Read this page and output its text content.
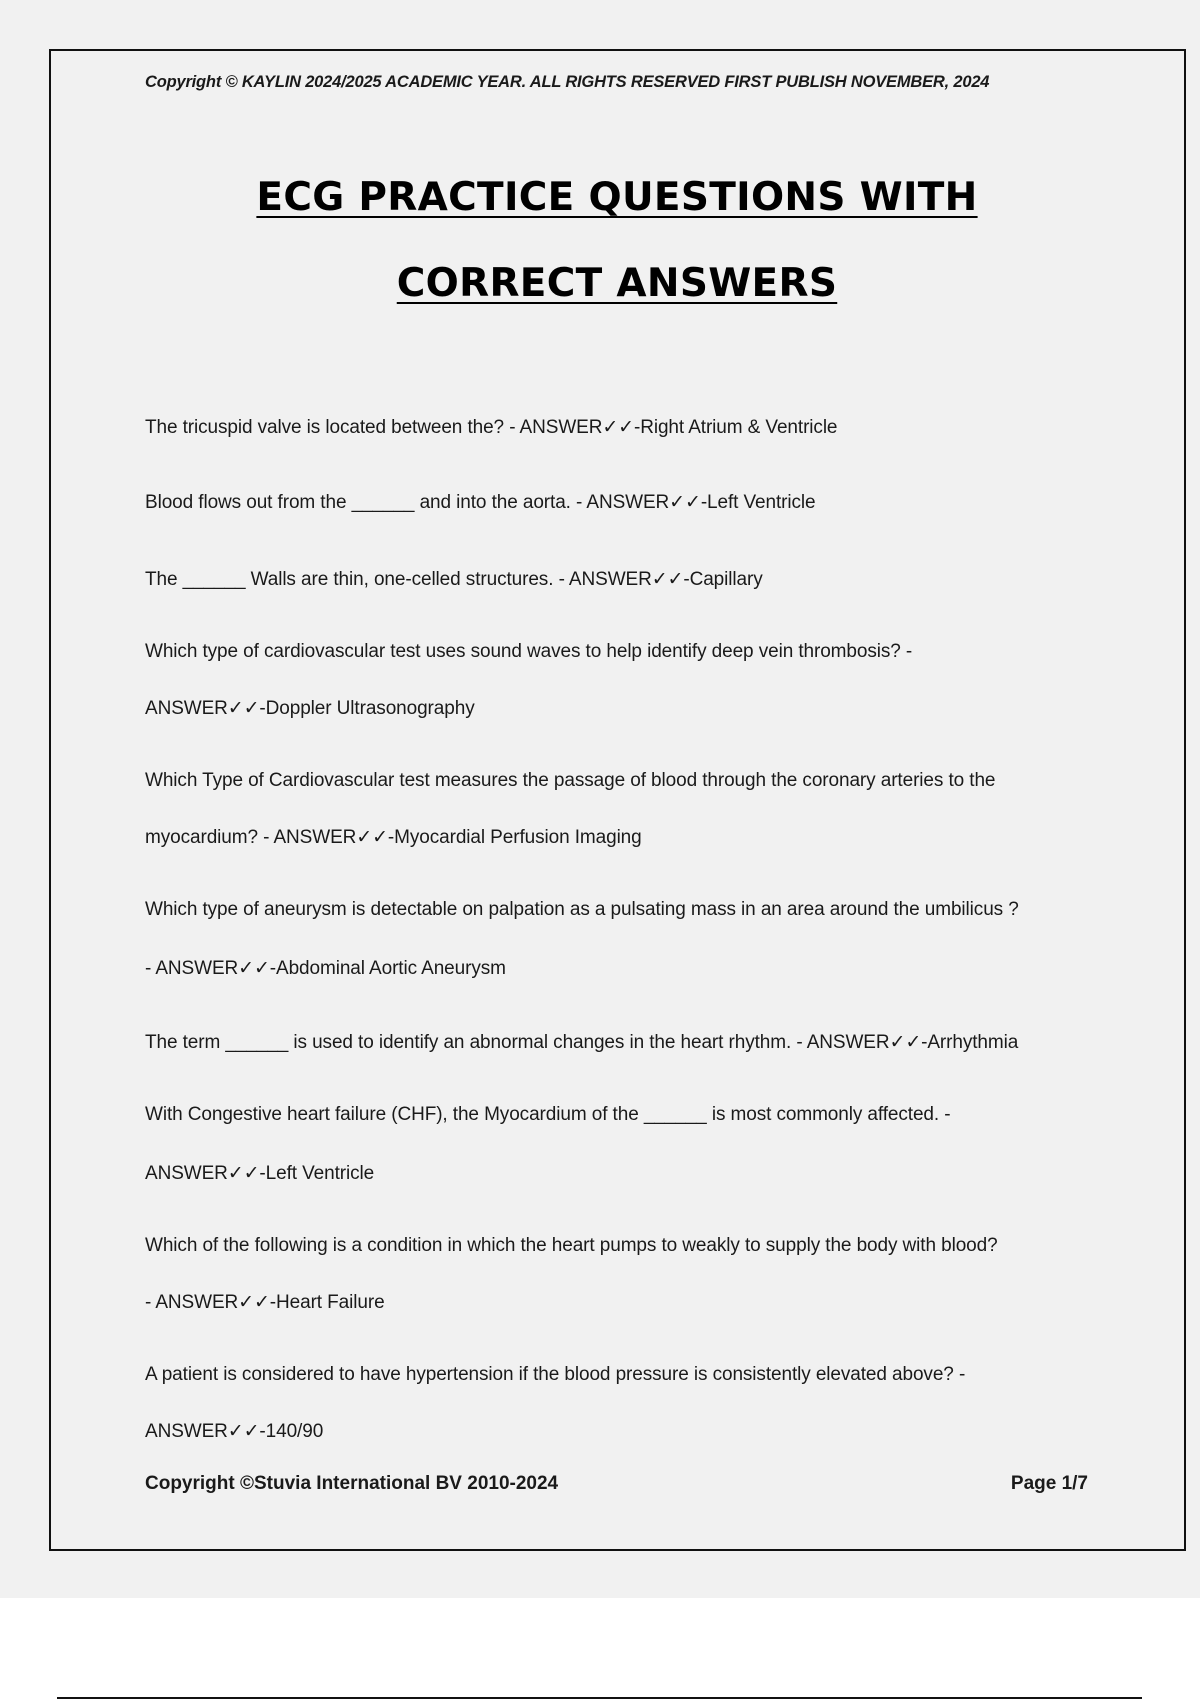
Copyright © KAYLIN 2024/2025 ACADEMIC YEAR. ALL RIGHTS RESERVED FIRST PUBLISH NOVEMBER, 2024
ECG PRACTICE QUESTIONS WITH
CORRECT ANSWERS
The tricuspid valve is located between the? - ANSWER✓✓-Right Atrium & Ventricle
Blood flows out from the ______ and into the aorta. - ANSWER✓✓-Left Ventricle
The ______ Walls are thin, one-celled structures. - ANSWER✓✓-Capillary
Which type of cardiovascular test uses sound waves to help identify deep vein thrombosis? -
ANSWER✓✓-Doppler Ultrasonography
Which Type of Cardiovascular test measures the passage of blood through the coronary arteries to the
myocardium? - ANSWER✓✓-Myocardial Perfusion Imaging
Which type of aneurysm is detectable on palpation as a pulsating mass in an area around the umbilicus ?
- ANSWER✓✓-Abdominal Aortic Aneurysm
The term ______ is used to identify an abnormal changes in the heart rhythm. - ANSWER✓✓-Arrhythmia
With Congestive heart failure (CHF), the Myocardium of the ______ is most commonly affected. -
ANSWER✓✓-Left Ventricle
Which of the following is a condition in which the heart pumps to weakly to supply the body with blood?
- ANSWER✓✓-Heart Failure
A patient is considered to have hypertension if the blood pressure is consistently elevated above? -
ANSWER✓✓-140/90
Copyright ©Stuvia International BV 2010-2024	Page 1/7
